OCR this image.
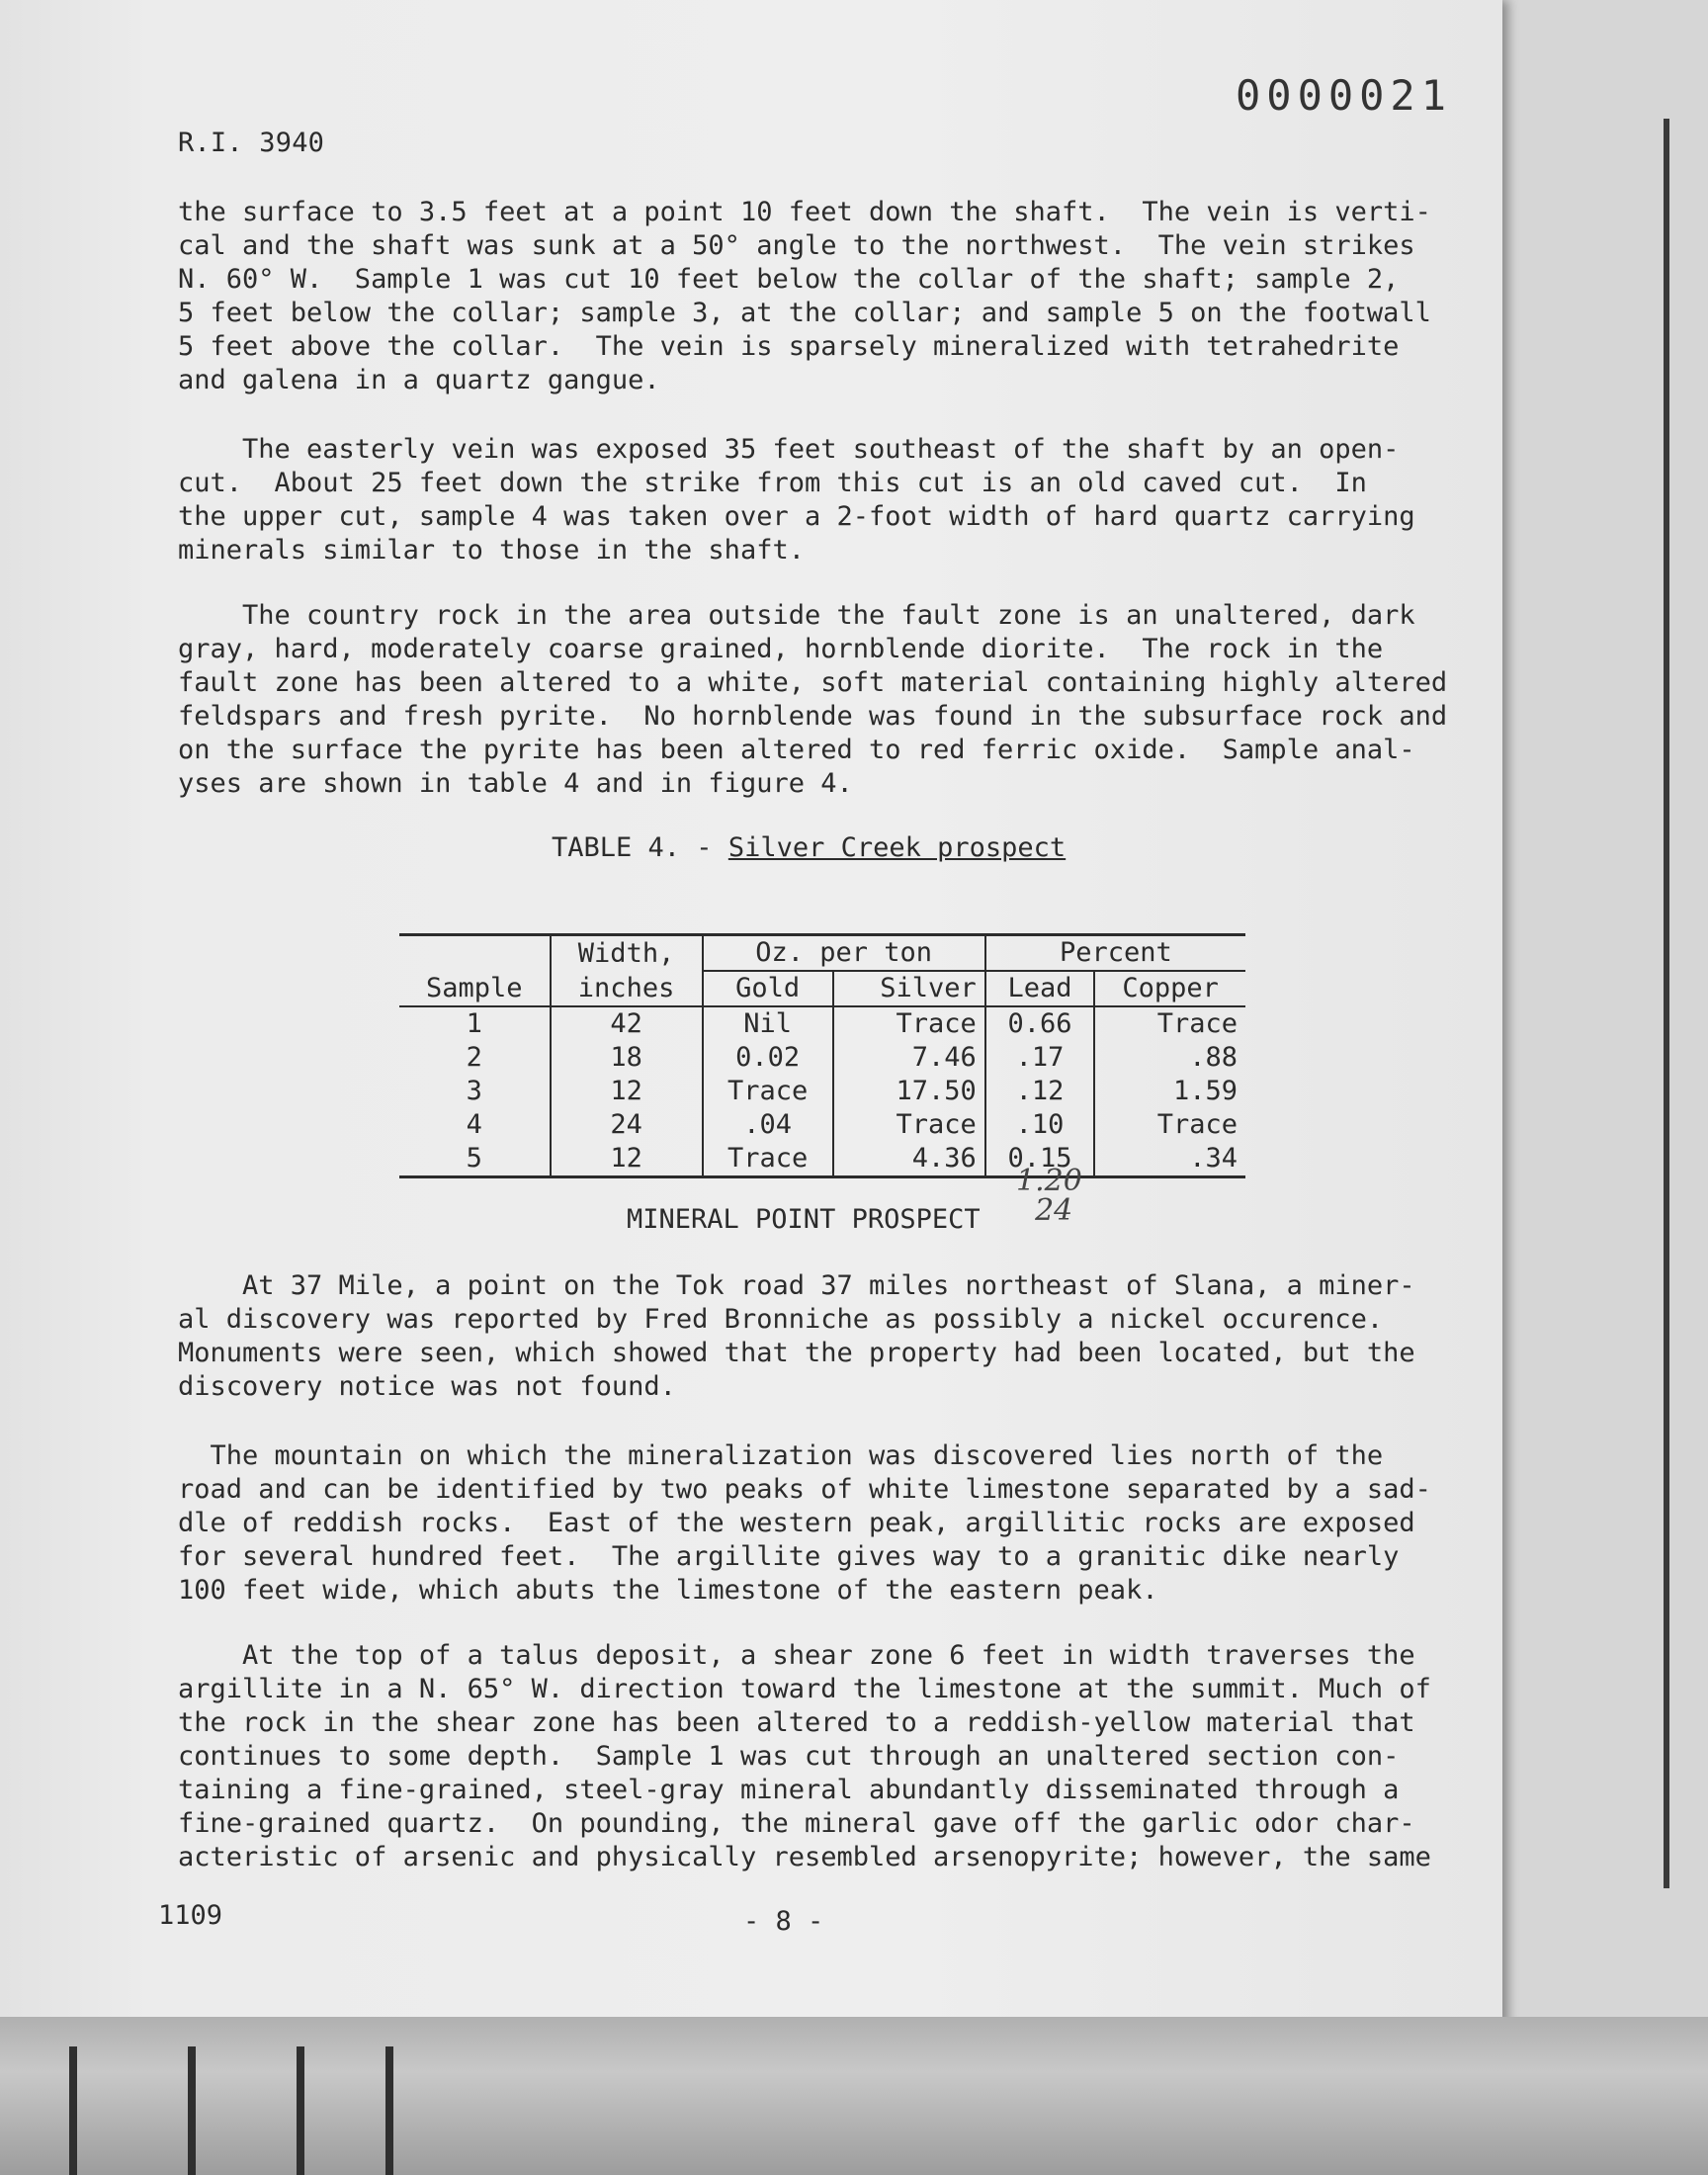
0000021
R.I. 3940
the surface to 3.5 feet at a point 10 feet down the shaft.  The vein is verti-
cal and the shaft was sunk at a 50° angle to the northwest.  The vein strikes
N. 60° W.  Sample 1 was cut 10 feet below the collar of the shaft; sample 2,
5 feet below the collar; sample 3, at the collar; and sample 5 on the footwall
5 feet above the collar.  The vein is sparsely mineralized with tetrahedrite
and galena in a quartz gangue.
The easterly vein was exposed 35 feet southeast of the shaft by an open-
cut.  About 25 feet down the strike from this cut is an old caved cut.  In
the upper cut, sample 4 was taken over a 2-foot width of hard quartz carrying
minerals similar to those in the shaft.
The country rock in the area outside the fault zone is an unaltered, dark
gray, hard, moderately coarse grained, hornblende diorite.  The rock in the
fault zone has been altered to a white, soft material containing highly altered
feldspars and fresh pyrite.  No hornblende was found in the subsurface rock and
on the surface the pyrite has been altered to red ferric oxide.  Sample anal-
yses are shown in table 4 and in figure 4.
TABLE 4. - Silver Creek prospect
	Width,	Oz. per ton		Percent	
Sample	inches	Gold	Silver	Lead	Copper
1	42	Nil	Trace	0.66	Trace
2	18	0.02	7.46	.17	.88
3	12	Trace	17.50	.12	1.59
4	24	.04	Trace	.10	Trace
5	12	Trace	4.36	0.15	.34
1.20
24
MINERAL POINT PROSPECT
At 37 Mile, a point on the Tok road 37 miles northeast of Slana, a miner-
al discovery was reported by Fred Bronniche as possibly a nickel occurence.
Monuments were seen, which showed that the property had been located, but the
discovery notice was not found.
The mountain on which the mineralization was discovered lies north of the
road and can be identified by two peaks of white limestone separated by a sad-
dle of reddish rocks.  East of the western peak, argillitic rocks are exposed
for several hundred feet.  The argillite gives way to a granitic dike nearly
100 feet wide, which abuts the limestone of the eastern peak.
At the top of a talus deposit, a shear zone 6 feet in width traverses the
argillite in a N. 65° W. direction toward the limestone at the summit. Much of
the rock in the shear zone has been altered to a reddish-yellow material that
continues to some depth.  Sample 1 was cut through an unaltered section con-
taining a fine-grained, steel-gray mineral abundantly disseminated through a
fine-grained quartz.  On pounding, the mineral gave off the garlic odor char-
acteristic of arsenic and physically resembled arsenopyrite; however, the same
1109	- 8 -
